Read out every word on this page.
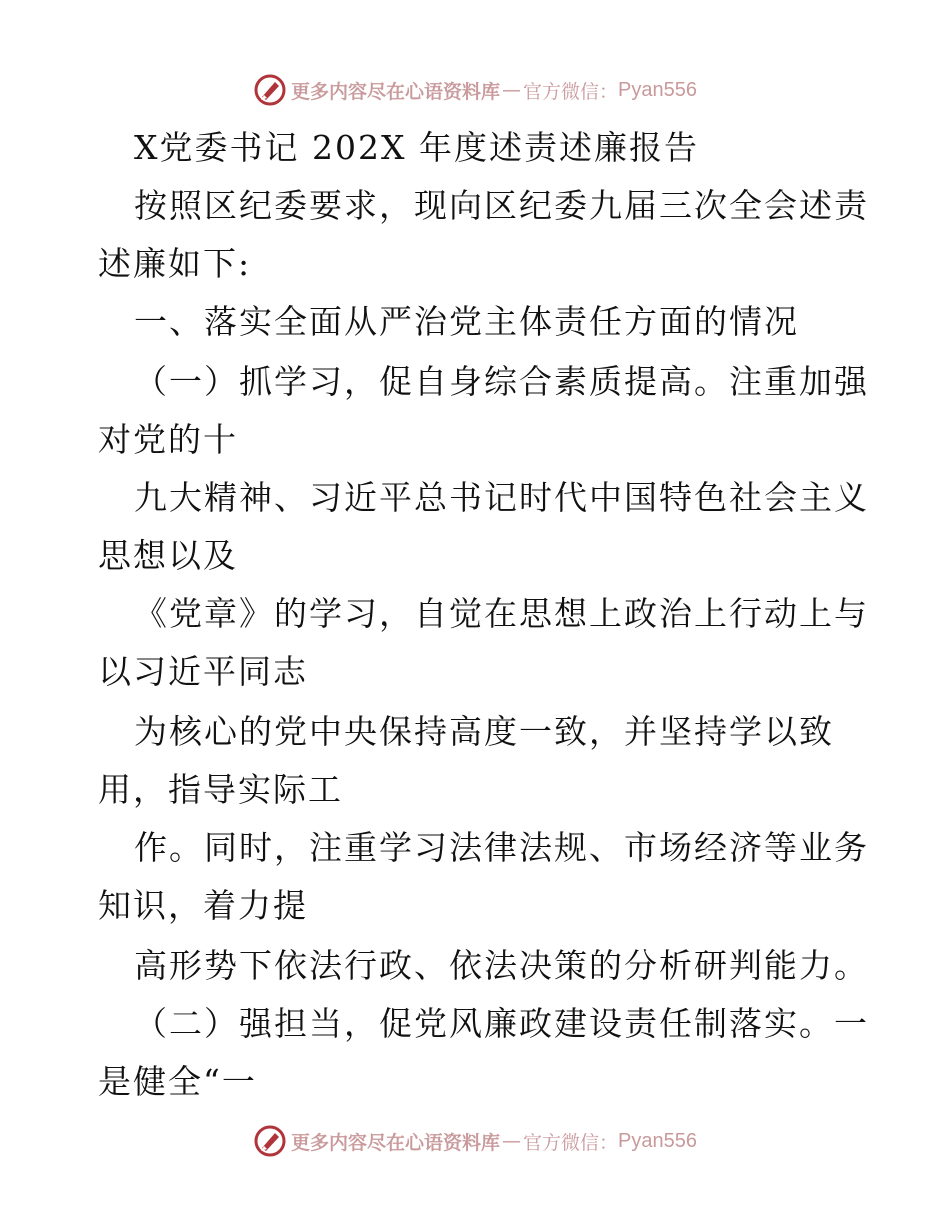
更多内容尽在心语资料库 — 官方微信： Pyan556
X党委书记 202X 年度述责述廉报告
按照区纪委要求，现向区纪委九届三次全会述责
述廉如下:
一、落实全面从严治党主体责任方面的情况
（一）抓学习，促自身综合素质提高。注重加强
对党的十
九大精神、习近平总书记时代中国特色社会主义
思想以及
《党章》的学习，自觉在思想上政治上行动上与
以习近平同志
为核心的党中央保持高度一致，并坚持学以致
用，指导实际工
作。同时，注重学习法律法规、市场经济等业务
知识，着力提
高形势下依法行政、依法决策的分析研判能力。
（二）强担当，促党风廉政建设责任制落实。一
是健全“一
更多内容尽在心语资料库 — 官方微信： Pyan556
